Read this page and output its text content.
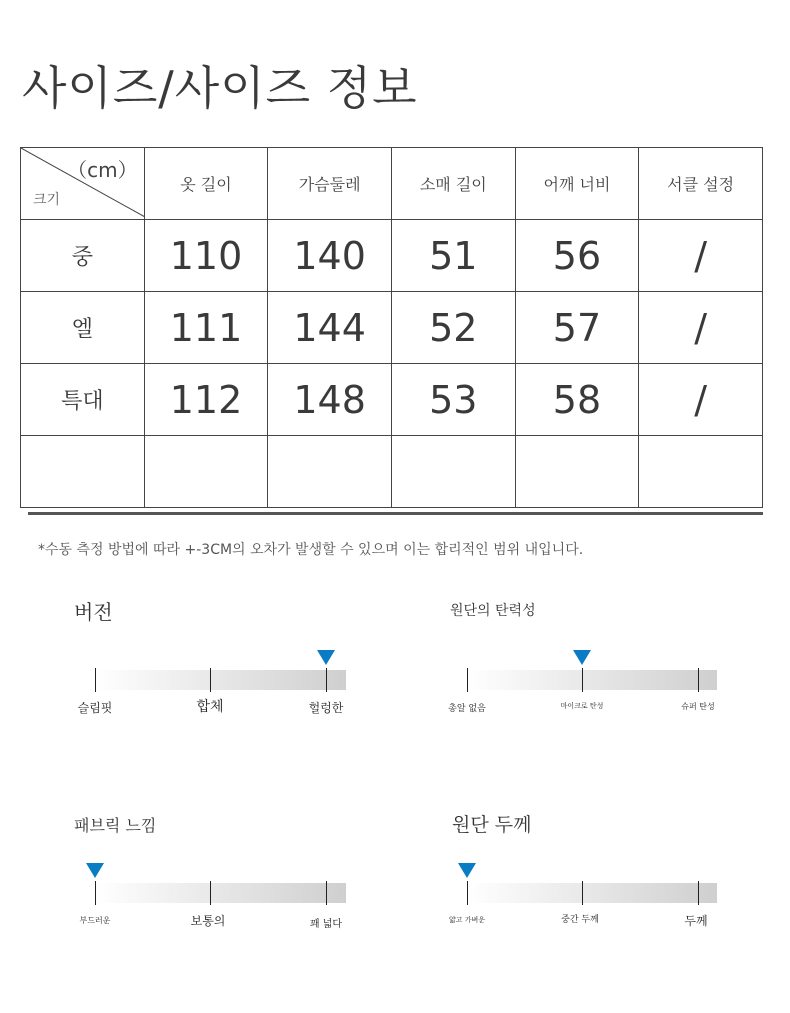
사이즈/사이즈 정보
（cm）
크기	옷 길이	가슴둘레	소매 길이	어깨 너비	서클 설정
중	110	140	51	56	/
엘	111	144	52	57	/
특대	112	148	53	58	/

*수동 측정 방법에 따라 +-3CM의 오차가 발생할 수 있으며 이는 합리적인 범위 내입니다.
버전
슬림핏	합체	헐렁한
원단의 탄력성
총알 없음	마이크로 탄성	슈퍼 탄성
패브릭 느낌
부드러운	보통의	꽤 넓다
원단 두께
얇고 가벼운	중간 두께	두께
